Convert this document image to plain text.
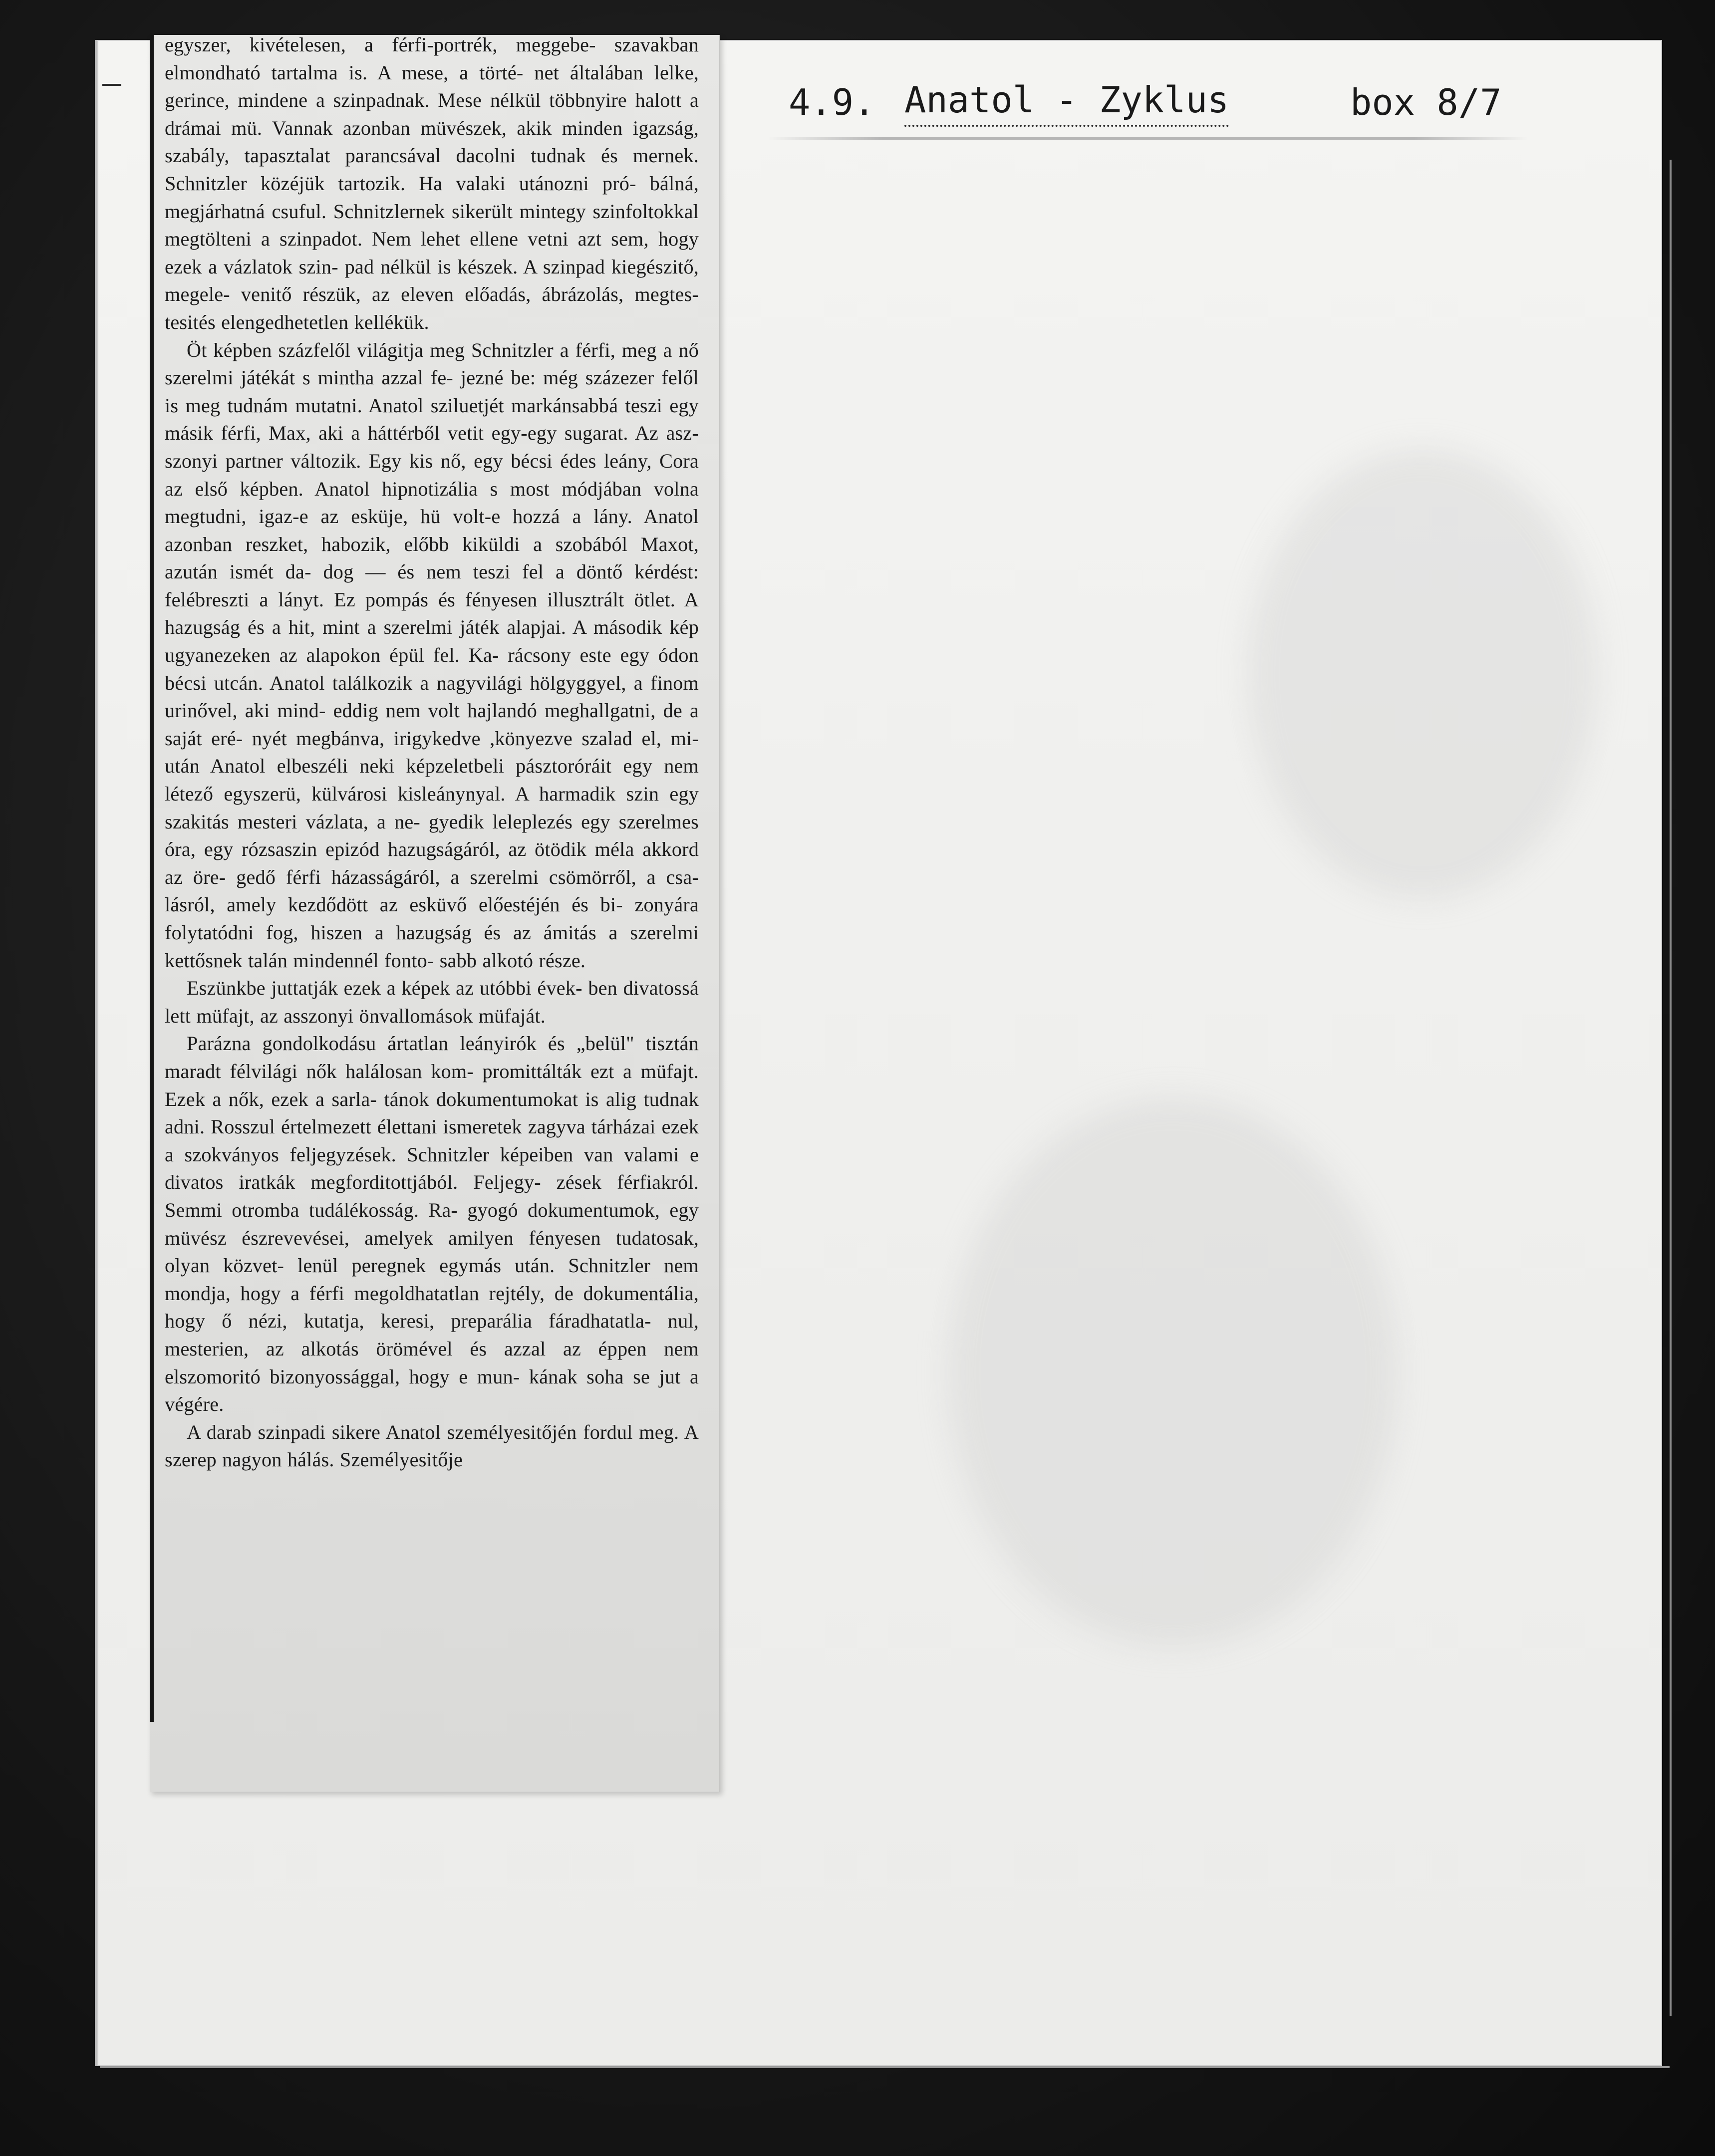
egyszer, kivételesen, a férfi-portrék, meggebe- szavakban elmondható tartalma is. A mese, a törté- net általában lelke, gerince, mindene a szinpadnak. Mese nélkül többnyire halott a drámai mü. Vannak azonban müvészek, akik minden igazság, szabály, tapasztalat parancsával dacolni tudnak és mernek. Schnitzler közéjük tartozik. Ha valaki utánozni pró- bálná, megjárhatná csuful. Schnitzlernek sikerült mintegy szinfoltokkal megtölteni a szinpadot. Nem lehet ellene vetni azt sem, hogy ezek a vázlatok szin- pad nélkül is készek. A szinpad kiegészitő, megele- venitő részük, az eleven előadás, ábrázolás, megtes- tesités elengedhetetlen kellékük.

Öt képben százfelől világitja meg Schnitzler a férfi, meg a nő szerelmi játékát s mintha azzal fe- jezné be: még százezer felől is meg tudnám mutatni. Anatol sziluetjét markánsabbá teszi egy másik férfi, Max, aki a háttérből vetit egy-egy sugarat. Az asz- szonyi partner változik. Egy kis nő, egy bécsi édes leány, Cora az első képben. Anatol hipnotizália s most módjában volna megtudni, igaz-e az esküje, hü volt-e hozzá a lány. Anatol azonban reszket, habozik, előbb kiküldi a szobából Maxot, azután ismét da- dog — és nem teszi fel a döntő kérdést: felébreszti a lányt. Ez pompás és fényesen illusztrált ötlet. A hazugság és a hit, mint a szerelmi játék alapjai. A második kép ugyanezeken az alapokon épül fel. Ka- rácsony este egy ódon bécsi utcán. Anatol találkozik a nagyvilági hölgyggyel, a finom urinővel, aki mind- eddig nem volt hajlandó meghallgatni, de a saját eré- nyét megbánva, irigykedve ,könyezve szalad el, mi- után Anatol elbeszéli neki képzeletbeli pásztoróráit egy nem létező egyszerü, külvárosi kisleánynyal. A harmadik szin egy szakitás mesteri vázlata, a ne- gyedik leleplezés egy szerelmes óra, egy rózsaszin epizód hazugságáról, az ötödik méla akkord az öre- gedő férfi házasságáról, a szerelmi csömörről, a csa- lásról, amely kezdődött az esküvő előestéjén és bi- zonyára folytatódni fog, hiszen a hazugság és az ámitás a szerelmi kettősnek talán mindennél fonto- sabb alkotó része.

Eszünkbe juttatják ezek a képek az utóbbi évek- ben divatossá lett müfajt, az asszonyi önvallomások müfaját.

Parázna gondolkodásu ártatlan leányirók és „belül" tisztán maradt félvilági nők halálosan kom- promittálták ezt a müfajt. Ezek a nők, ezek a sarla- tánok dokumentumokat is alig tudnak adni. Rosszul értelmezett élettani ismeretek zagyva tárházai ezek a szokványos feljegyzések. Schnitzler képeiben van valami e divatos iratkák megforditottjából. Feljegy- zések férfiakról. Semmi otromba tudálékosság. Ra- gyogó dokumentumok, egy müvész észrevevései, amelyek amilyen fényesen tudatosak, olyan közvet- lenül peregnek egymás után. Schnitzler nem mondja, hogy a férfi megoldhatatlan rejtély, de dokumentália, hogy ő nézi, kutatja, keresi, preparália fáradhatatla- nul, mesterien, az alkotás örömével és azzal az éppen nem elszomoritó bizonyossággal, hogy e mun- kának soha se jut a végére.

A darab szinpadi sikere Anatol személyesitőjén fordul meg. A szerep nagyon hálás. Személyesitője

4.9. Anatol - Zyklus	box 8/7
